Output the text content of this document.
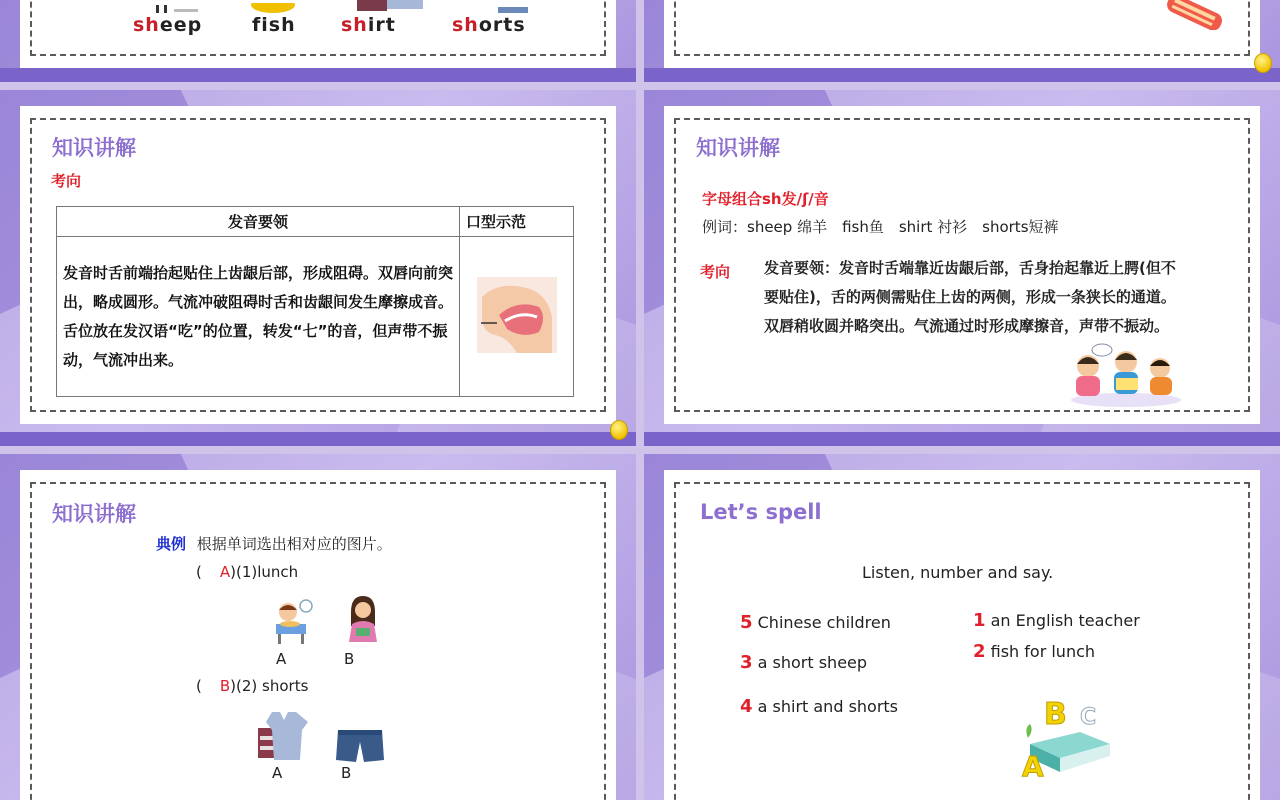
sheep	fish shirt	shorts
知识讲解
考向
发音要领	口型示范
发音时舌前端抬起贴住上齿龈后部，形成阻碍。双唇向前突出，略成圆形。气流冲破阻碍时舌和齿龈间发生摩擦成音。舌位放在发汉语“吃”的位置，转发“七”的音，但声带不振动，气流冲出来。	
知识讲解
字母组合sh发/ʃ/音
例词：sheep 绵羊　fish鱼　shirt 衬衫　shorts短裤
考向 发音要领：发音时舌端靠近齿龈后部，舌身抬起靠近上腭(但不要贴住)，舌的两侧需贴住上齿的两侧，形成一条狭长的通道。双唇稍收圆并略突出。气流通过时形成摩擦音，声带不振动。
知识讲解
典例 根据单词选出相对应的图片。
( A)(1)lunch
A	B
( B)(2) shorts
A	B
Let’s spell
Listen, number and say.
5 Chinese children
3 a short sheep
4 a shirt and shorts
1 an English teacher
2 fish for lunch
B C
A
